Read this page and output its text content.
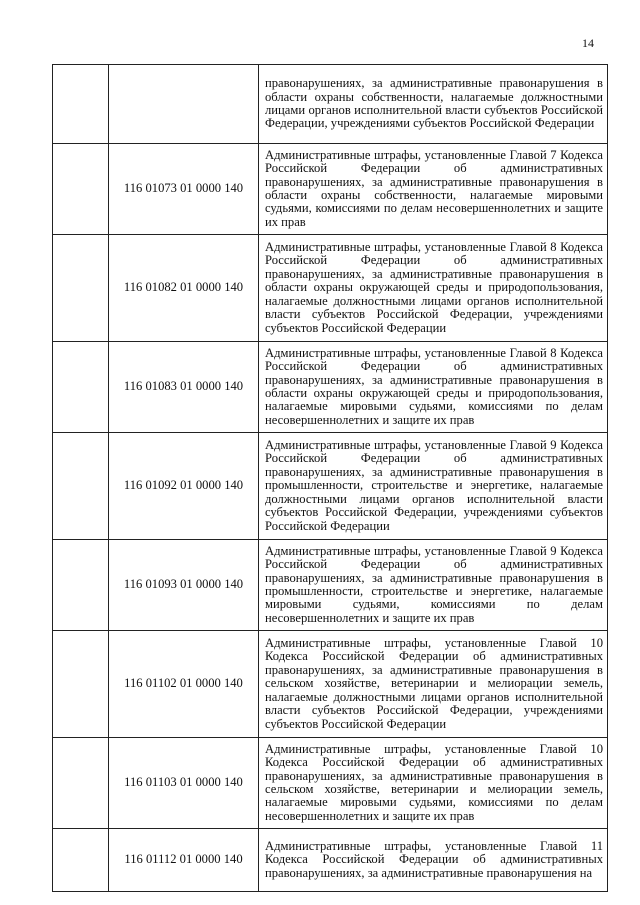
14

		правонарушениях, за административные правонарушения в области охраны собственности, налагаемые должностными лицами органов исполнительной власти субъектов Российской Федерации, учреждениями субъектов Российской Федерации

	116 01073 01 0000 140	Административные штрафы, установленные Главой 7 Кодекса Российской Федерации об административных правонарушениях, за административные правонарушения в области охраны собственности, налагаемые мировыми судьями, комиссиями по делам несовершеннолетних и защите их прав

	116 01082 01 0000 140	Административные штрафы, установленные Главой 8 Кодекса Российской Федерации об административных правонарушениях, за административные правонарушения в области охраны окружающей среды и природопользования, налагаемые должностными лицами органов исполнительной власти субъектов Российской Федерации, учреждениями субъектов Российской Федерации

	116 01083 01 0000 140	Административные штрафы, установленные Главой 8 Кодекса Российской Федерации об административных правонарушениях, за административные правонарушения в области охраны окружающей среды и природопользования, налагаемые мировыми судьями, комиссиями по делам несовершеннолетних и защите их прав

	116 01092 01 0000 140	Административные штрафы, установленные Главой 9 Кодекса Российской Федерации об административных правонарушениях, за административные правонарушения в промышленности, строительстве и энергетике, налагаемые должностными лицами органов исполнительной власти субъектов Российской Федерации, учреждениями субъектов Российской Федерации

	116 01093 01 0000 140	Административные штрафы, установленные Главой 9 Кодекса Российской Федерации об административных правонарушениях, за административные правонарушения в промышленности, строительстве и энергетике, налагаемые мировыми судьями, комиссиями по делам несовершеннолетних и защите их прав

	116 01102 01 0000 140	Административные штрафы, установленные Главой 10 Кодекса Российской Федерации об административных правонарушениях, за административные правонарушения в сельском хозяйстве, ветеринарии и мелиорации земель, налагаемые должностными лицами органов исполнительной власти субъектов Российской Федерации, учреждениями субъектов Российской Федерации

	116 01103 01 0000 140	Административные штрафы, установленные Главой 10 Кодекса Российской Федерации об административных правонарушениях, за административные правонарушения в сельском хозяйстве, ветеринарии и мелиорации земель, налагаемые мировыми судьями, комиссиями по делам несовершеннолетних и защите их прав

	116 01112 01 0000 140	Административные штрафы, установленные Главой 11 Кодекса Российской Федерации об административных правонарушениях, за административные правонарушения на
